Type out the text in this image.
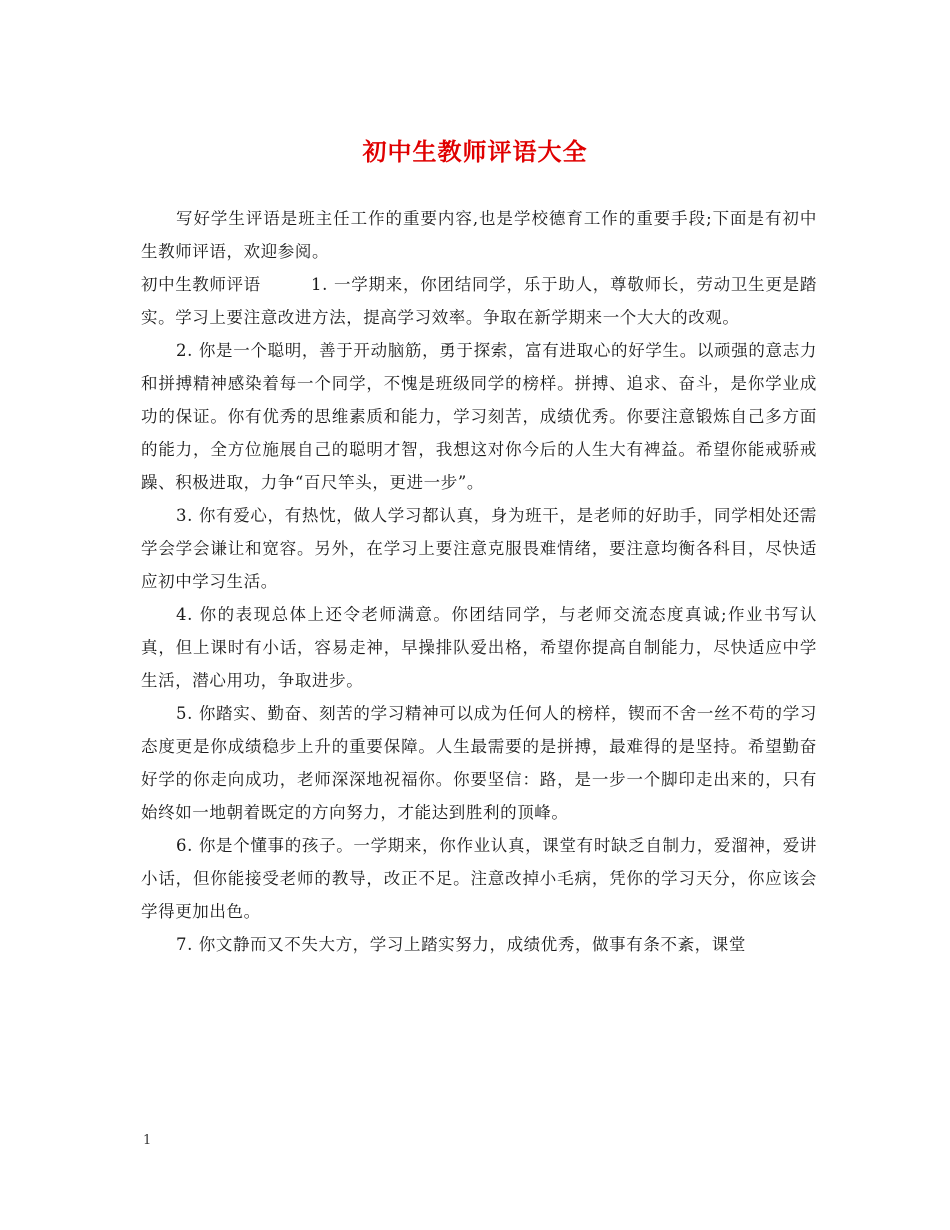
初中生教师评语大全

写好学生评语是班主任工作的重要内容,也是学校德育工作的重要手段;下面是有初中生教师评语，欢迎参阅。

初中生教师评语	1. 一学期来，你团结同学，乐于助人，尊敬师长，劳动卫生更是踏实。学习上要注意改进方法，提高学习效率。争取在新学期来一个大大的改观。

2. 你是一个聪明，善于开动脑筋，勇于探索，富有进取心的好学生。以顽强的意志力和拼搏精神感染着每一个同学，不愧是班级同学的榜样。拼搏、追求、奋斗，是你学业成功的保证。你有优秀的思维素质和能力，学习刻苦，成绩优秀。你要注意锻炼自己多方面的能力，全方位施展自己的聪明才智，我想这对你今后的人生大有裨益。希望你能戒骄戒躁、积极进取，力争“百尺竿头，更进一步”。

3. 你有爱心，有热忱，做人学习都认真，身为班干，是老师的好助手，同学相处还需学会学会谦让和宽容。另外，在学习上要注意克服畏难情绪，要注意均衡各科目，尽快适应初中学习生活。

4. 你的表现总体上还令老师满意。你团结同学，与老师交流态度真诚;作业书写认真，但上课时有小话，容易走神，早操排队爱出格，希望你提高自制能力，尽快适应中学生活，潜心用功，争取进步。

5. 你踏实、勤奋、刻苦的学习精神可以成为任何人的榜样，锲而不舍一丝不苟的学习态度更是你成绩稳步上升的重要保障。人生最需要的是拼搏，最难得的是坚持。希望勤奋好学的你走向成功，老师深深地祝福你。你要坚信：路，是一步一个脚印走出来的，只有始终如一地朝着既定的方向努力，才能达到胜利的顶峰。

6. 你是个懂事的孩子。一学期来，你作业认真，课堂有时缺乏自制力，爱溜神，爱讲小话，但你能接受老师的教导，改正不足。注意改掉小毛病，凭你的学习天分，你应该会学得更加出色。

7. 你文静而又不失大方，学习上踏实努力，成绩优秀，做事有条不紊，课堂

1
